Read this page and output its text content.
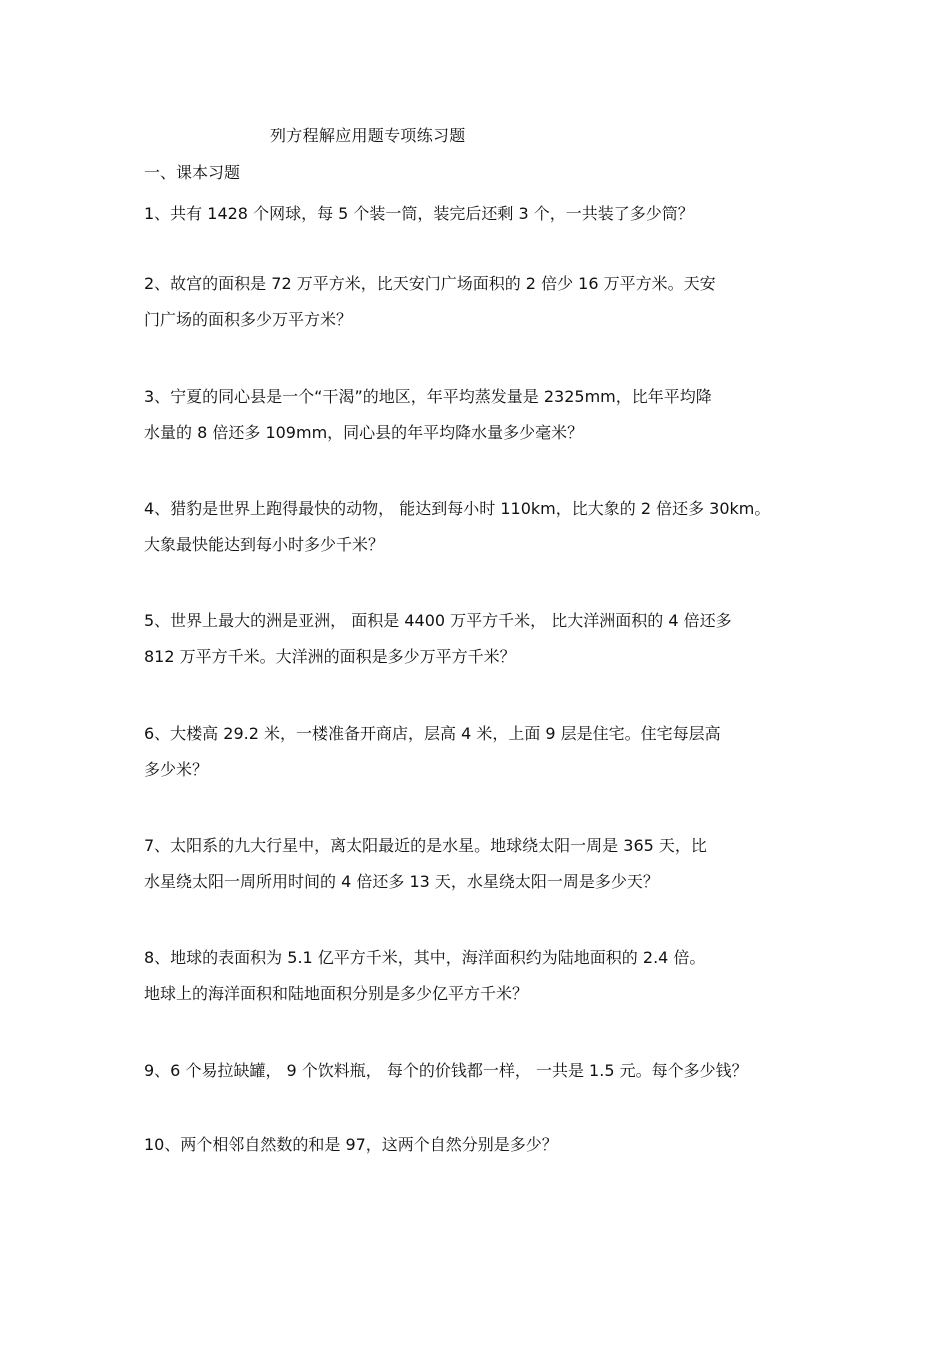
列方程解应用题专项练习题
一、课本习题
1、共有 1428 个网球，每 5 个装一筒，装完后还剩 3 个，一共装了多少筒？
2、故宫的面积是 72 万平方米，比天安门广场面积的 2 倍少 16 万平方米。天安
门广场的面积多少万平方米？
3、宁夏的同心县是一个“干渴”的地区，年平均蒸发量是 2325mm，比年平均降
水量的 8 倍还多 109mm，同心县的年平均降水量多少毫米？
4、猎豹是世界上跑得最快的动物， 能达到每小时 110km，比大象的 2 倍还多 30km。
大象最快能达到每小时多少千米？
5、世界上最大的洲是亚洲， 面积是 4400 万平方千米， 比大洋洲面积的 4 倍还多
812 万平方千米。大洋洲的面积是多少万平方千米？
6、大楼高 29.2 米，一楼准备开商店，层高 4 米，上面 9 层是住宅。住宅每层高
多少米？
7、太阳系的九大行星中，离太阳最近的是水星。地球绕太阳一周是 365 天，比
水星绕太阳一周所用时间的 4 倍还多 13 天，水星绕太阳一周是多少天？
8、地球的表面积为 5.1 亿平方千米，其中，海洋面积约为陆地面积的 2.4 倍。
地球上的海洋面积和陆地面积分别是多少亿平方千米？
9、6 个易拉缺罐， 9 个饮料瓶， 每个的价钱都一样， 一共是 1.5 元。每个多少钱？
10、两个相邻自然数的和是 97，这两个自然分别是多少？
